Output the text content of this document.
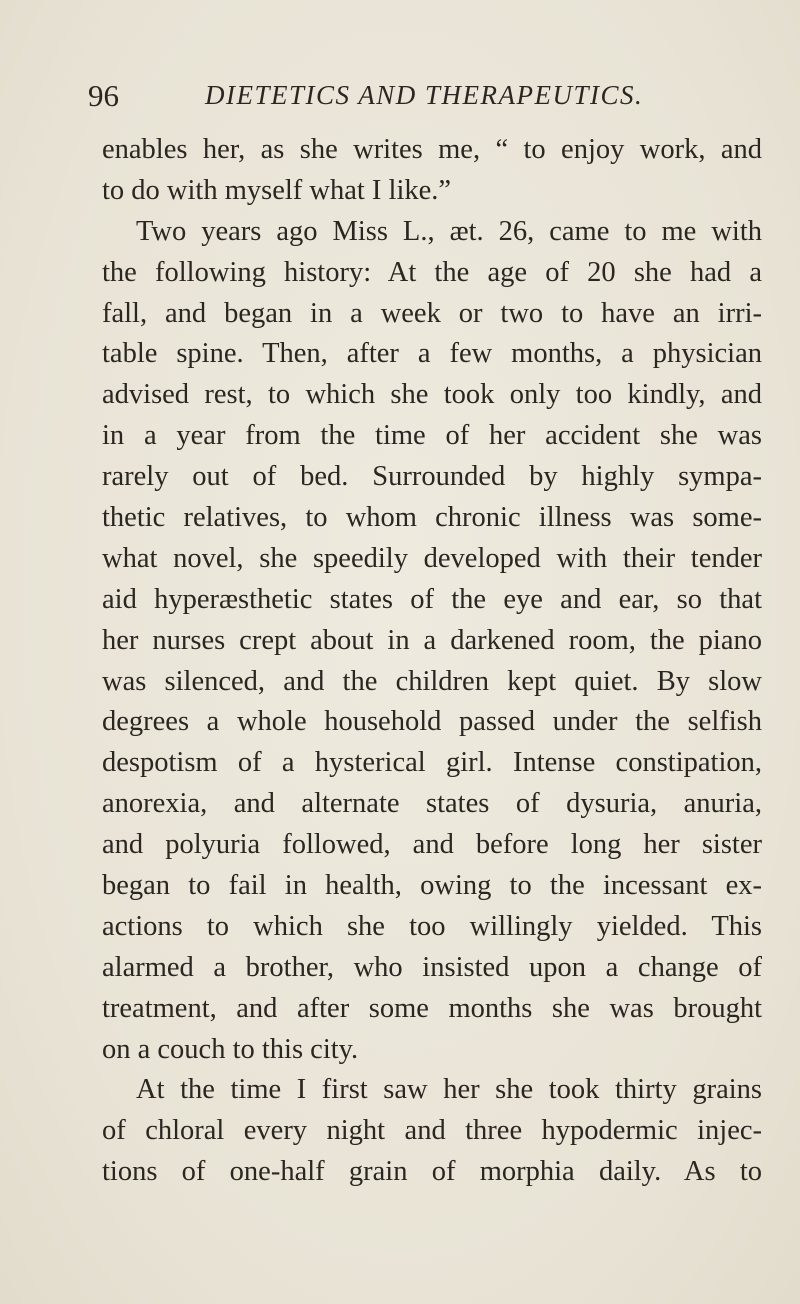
96	DIETETICS AND THERAPEUTICS.
enables her, as she writes me, “ to enjoy work, and
to do with myself what I like.”
Two years ago Miss L., æt. 26, came to me with
the following history: At the age of 20 she had a
fall, and began in a week or two to have an irri-
table spine. Then, after a few months, a physician
advised rest, to which she took only too kindly, and
in a year from the time of her accident she was
rarely out of bed. Surrounded by highly sympa-
thetic relatives, to whom chronic illness was some-
what novel, she speedily developed with their tender
aid hyperæsthetic states of the eye and ear, so that
her nurses crept about in a darkened room, the piano
was silenced, and the children kept quiet. By slow
degrees a whole household passed under the selfish
despotism of a hysterical girl. Intense constipation,
anorexia, and alternate states of dysuria, anuria,
and polyuria followed, and before long her sister
began to fail in health, owing to the incessant ex-
actions to which she too willingly yielded. This
alarmed a brother, who insisted upon a change of
treatment, and after some months she was brought
on a couch to this city.
At the time I first saw her she took thirty grains
of chloral every night and three hypodermic injec-
tions of one-half grain of morphia daily. As to
